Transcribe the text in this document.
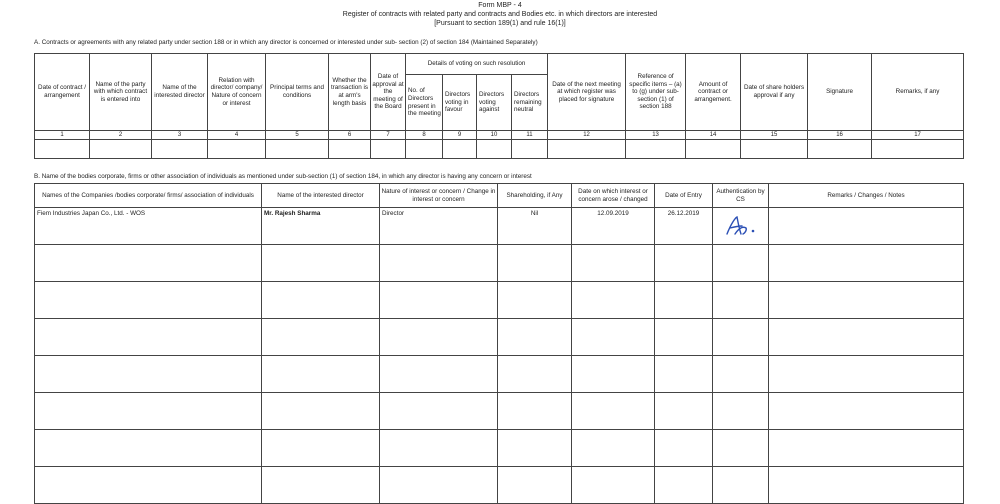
Form MBP - 4
Register of contracts with related party and contracts and Bodies etc. in which directors are interested
[Pursuant to section 189(1) and rule 16(1)]
A. Contracts or agreements with any related party under section 188 or in which any director is concerned or interested under sub- section (2) of section 184 (Maintained Separately)
Date of contract / arrangement	Name of the party with which contract is entered into	Name of the interested director	Relation with director/ company/ Nature of concern or interest	Principal terms and conditions	Whether the transaction is at arm's length basis	Date of approval at the meeting of the Board	Details of voting on such resolution				Date of the next meeting at which register was placed for signature	Reference of specific items – (a) to (g) under sub-section (1) of section 188	Amount of contract or arrangement.	Date of share holders approval if any	Signature	Remarks, if any
							No. of Directors present in the meeting	Directors voting in favour	Directors voting against	Directors remaining neutral						
1	2	3	4	5	6	7	8	9	10	11	12	13	14	15	16	17

B. Name of the bodies corporate, firms or other association of individuals as mentioned under sub-section (1) of section 184, in which any director is having any concern or interest
Names of the Companies /bodies corporate/ firms/ association of individuals	Name of the interested director	Nature of interest or concern / Change in interest or concern	Shareholding, if Any	Date on which interest or concern arose / changed	Date of Entry	Authentication by CS	Remarks / Changes / Notes
Fiem Industries Japan Co., Ltd. - WOS	Mr. Rajesh Sharma	Director	Nil	12.09.2019	26.12.2019		
